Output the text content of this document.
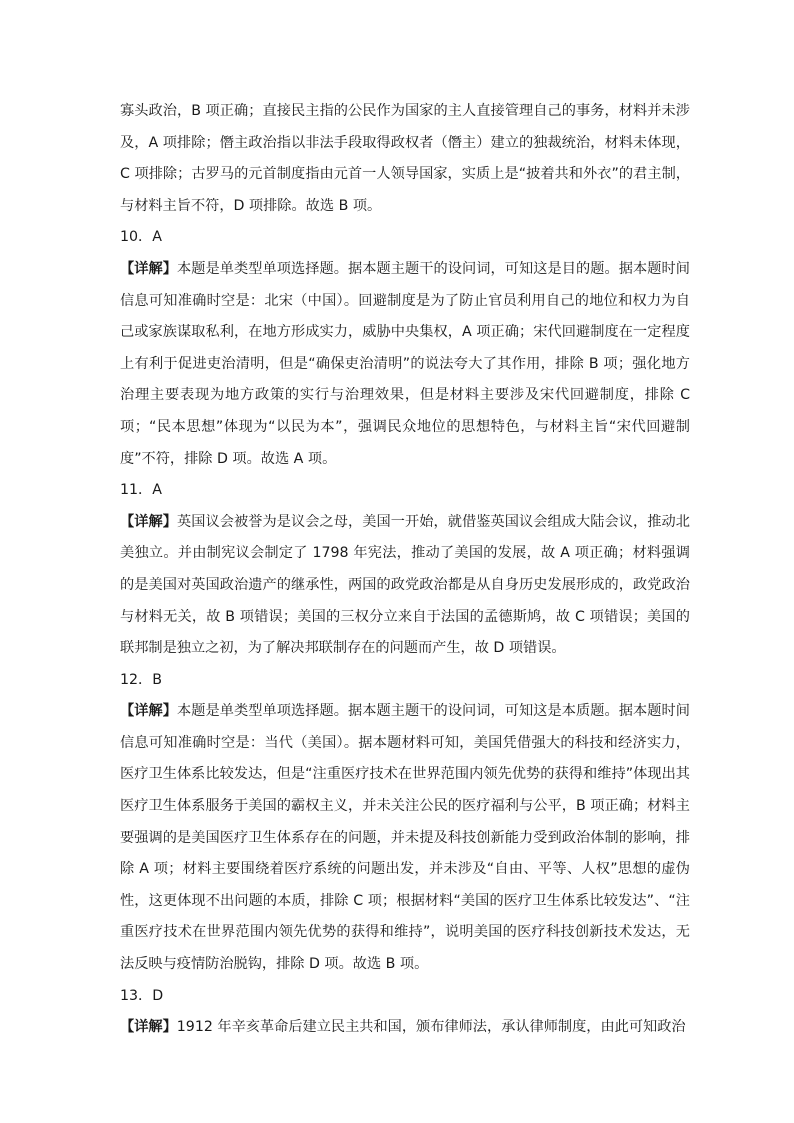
寡头政治，B 项正确；直接民主指的公民作为国家的主人直接管理自己的事务，材料并未涉及，A 项排除；僭主政治指以非法手段取得政权者（僭主）建立的独裁统治，材料未体现，C 项排除；古罗马的元首制度指由元首一人领导国家，实质上是“披着共和外衣”的君主制，与材料主旨不符，D 项排除。故选 B 项。

10．A

【详解】本题是单类型单项选择题。据本题主题干的设问词，可知这是目的题。据本题时间信息可知准确时空是：北宋（中国）。回避制度是为了防止官员利用自己的地位和权力为自己或家族谋取私利，在地方形成实力，威胁中央集权，A 项正确；宋代回避制度在一定程度上有利于促进吏治清明，但是“确保吏治清明”的说法夸大了其作用，排除 B 项；强化地方治理主要表现为地方政策的实行与治理效果，但是材料主要涉及宋代回避制度，排除 C 项；“民本思想”体现为“以民为本”，强调民众地位的思想特色，与材料主旨“宋代回避制度”不符，排除 D 项。故选 A 项。

11．A

【详解】英国议会被誉为是议会之母，美国一开始，就借鉴英国议会组成大陆会议，推动北美独立。并由制宪议会制定了 1798 年宪法，推动了美国的发展，故 A 项正确；材料强调的是美国对英国政治遗产的继承性，两国的政党政治都是从自身历史发展形成的，政党政治与材料无关，故 B 项错误；美国的三权分立来自于法国的孟德斯鸠，故 C 项错误；美国的联邦制是独立之初，为了解决邦联制存在的问题而产生，故 D 项错误。

12．B

【详解】本题是单类型单项选择题。据本题主题干的设问词，可知这是本质题。据本题时间信息可知准确时空是：当代（美国）。据本题材料可知，美国凭借强大的科技和经济实力，医疗卫生体系比较发达，但是“注重医疗技术在世界范围内领先优势的获得和维持”体现出其医疗卫生体系服务于美国的霸权主义，并未关注公民的医疗福利与公平，B 项正确；材料主要强调的是美国医疗卫生体系存在的问题，并未提及科技创新能力受到政治体制的影响，排除 A 项；材料主要围绕着医疗系统的问题出发，并未涉及“自由、平等、人权”思想的虚伪性，这更体现不出问题的本质，排除 C 项；根据材料“美国的医疗卫生体系比较发达”、“注重医疗技术在世界范围内领先优势的获得和维持”，说明美国的医疗科技创新技术发达，无法反映与疫情防治脱钩，排除 D 项。故选 B 项。

13．D

【详解】1912 年辛亥革命后建立民主共和国，颁布律师法，承认律师制度，由此可知政治
